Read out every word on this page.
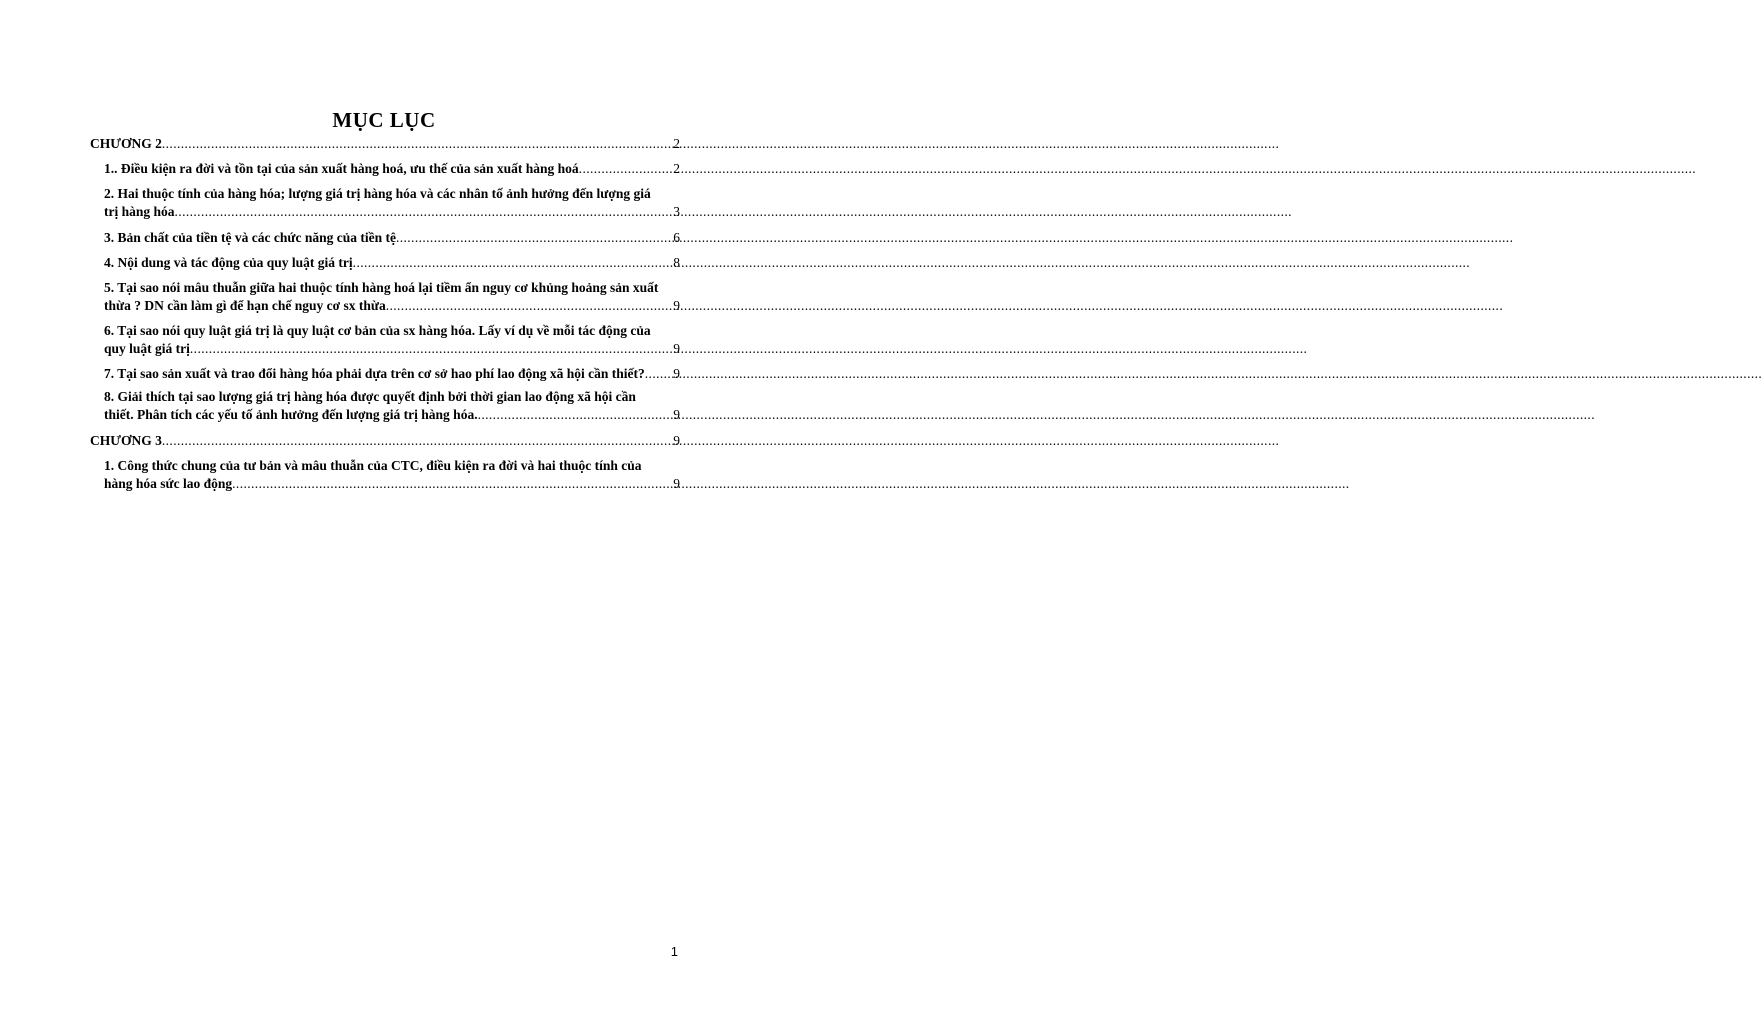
MỤC LỤC
CHƯƠNG 2 .....	2
1.. Điều kiện ra đời và tồn tại của sản xuất hàng hoá, ưu thế của sản xuất hàng hoá .....	2
2. Hai thuộc tính của hàng hóa; lượng giá trị hàng hóa và các nhân tố ảnh hưởng đến lượng giá
trị hàng hóa .....	3
3. Bản chất của tiền tệ và các chức năng của tiền tệ .....	6
4. Nội dung và tác động của quy luật giá trị .....	8
5. Tại sao nói mâu thuẫn giữa hai thuộc tính hàng hoá lại tiềm ẩn nguy cơ khủng hoảng sản xuất
thừa ? DN cần làm gì để hạn chế nguy cơ sx thừa .....	9
6. Tại sao nói quy luật giá trị là quy luật cơ bản của sx hàng hóa. Lấy ví dụ về mỗi tác động của
quy luật giá trị .....	9
7. Tại sao sản xuất và trao đổi hàng hóa phải dựa trên cơ sở hao phí lao động xã hội cần thiết? ..... 9
8. Giải thích tại sao lượng giá trị hàng hóa được quyết định bởi thời gian lao động xã hội cần
thiết. Phân tích các yếu tố ảnh hưởng đến lượng giá trị hàng hóa. .....	9
CHƯƠNG 3 .....	9
1. Công thức chung của tư bản và mâu thuẫn của CTC, điều kiện ra đời và hai thuộc tính của
hàng hóa sức lao động .....	9
1
